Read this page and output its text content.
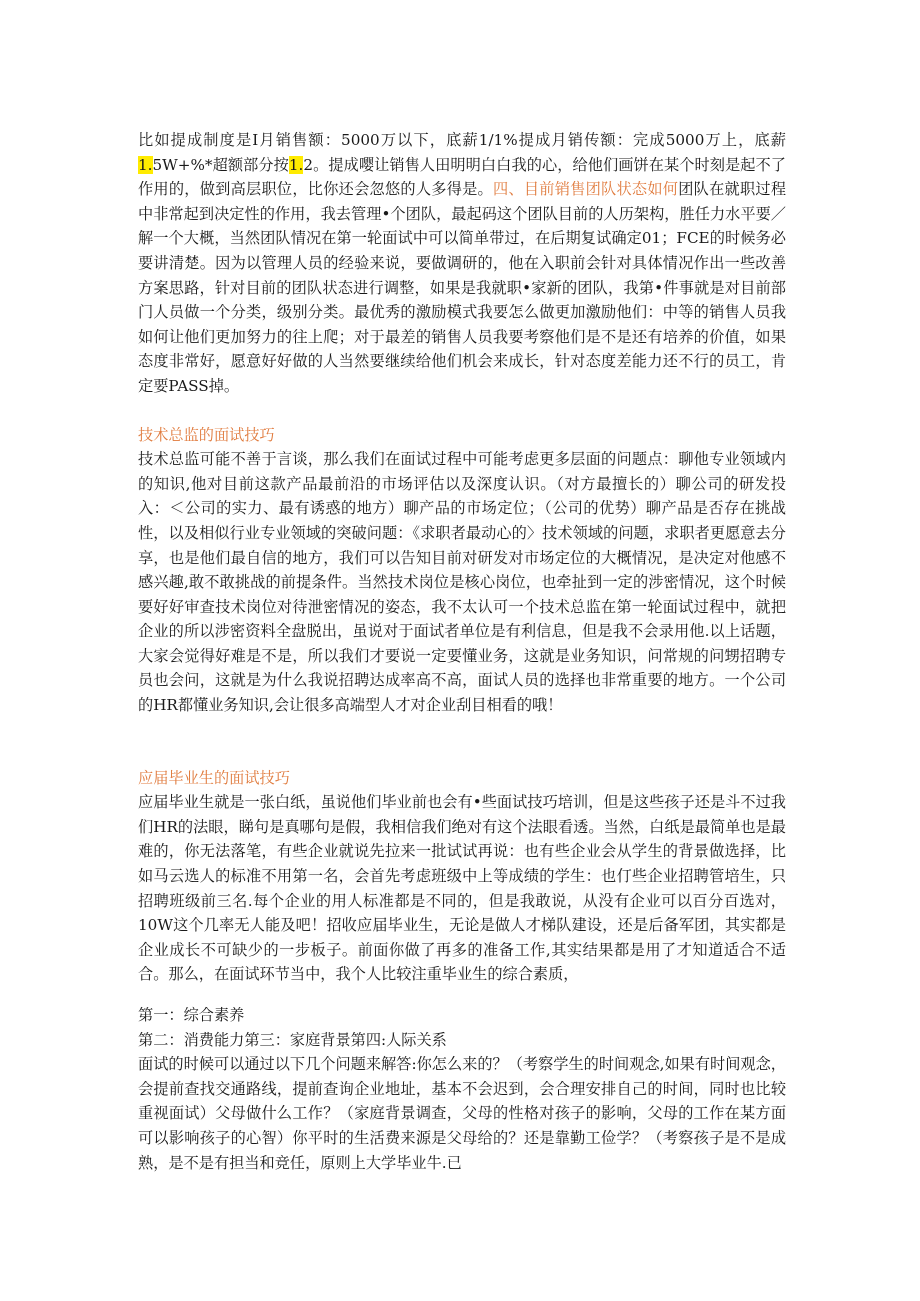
比如提成制度是I月销售额：5000万以下，底薪1/1%提成月销传额：完成5000万上，底薪1.5W+%*超额部分按1.2。提成嘤让销售人田明明白白我的心，给他们画饼在某个时刻是起不了作用的，做到高层职位，比你还会忽悠的人多得是。四、目前销售团队状态如何团队在就职过程中非常起到决定性的作用，我去管理•个团队，最起码这个团队目前的人历架构，胜任力水平要／解一个大概，当然团队情况在第一轮面试中可以简单带过，在后期复试确定01；FCE的时候务必要讲清楚。因为以管理人员的经验来说，要做调研的，他在入职前会针对具体情况作出一些改善方案思路，针对目前的团队状态进行调整，如果是我就职•家新的团队，我第•件事就是对目前部门人员做一个分类，级别分类。最优秀的激励模式我要怎么做更加激励他们：中等的销售人员我如何让他们更加努力的往上爬；对于最差的销售人员我要考察他们是不是还有培养的价值，如果态度非常好，愿意好好做的人当然要继续给他们机会来成长，针对态度差能力还不行的员工，肯定要PASS掉。

技术总监的面试技巧

技术总监可能不善于言谈，那么我们在面试过程中可能考虑更多层面的问题点：聊他专业领域内的知识,他对目前这款产品最前沿的市场评估以及深度认识。（对方最擅长的）聊公司的研发投入：＜公司的实力、最有诱惑的地方）聊产品的市场定位；（公司的优势）聊产品是否存在挑战性，以及相似行业专业领域的突破问题：《求职者最动心的〉技术领域的问题，求职者更愿意去分享，也是他们最自信的地方，我们可以告知目前对研发对市场定位的大概情况，是决定对他感不感兴趣,敢不敢挑战的前提条件。当然技术岗位是核心岗位，也牵扯到一定的涉密情况，这个时候要好好审查技术岗位对待泄密情况的姿态，我不太认可一个技术总监在第一轮面试过程中，就把企业的所以涉密资料全盘脱出，虽说对于面试者单位是有利信息，但是我不会录用他.以上话题，大家会觉得好难是不是，所以我们才要说一定要懂业务，这就是业务知识，问常规的问甥招聘专员也会问，这就是为什么我说招聘达成率高不高，面试人员的选择也非常重要的地方。一个公司的HR都懂业务知识,会让很多高端型人才对企业刮目相看的哦！

应届毕业生的面试技巧

应届毕业生就是一张白纸，虽说他们毕业前也会有•些面试技巧培训，但是这些孩子还是斗不过我们HR的法眼，睇句是真哪句是假，我相信我们绝对有这个法眼看透。当然，白纸是最简单也是最难的，你无法落笔，有些企业就说先拉来一批试试再说：也有些企业会从学生的背景做选择，比如马云选人的标准不用第一名，会首先考虑班级中上等成绩的学生：也仃些企业招聘管培生，只招聘班级前三名.每个企业的用人标准都是不同的，但是我敢说，从没有企业可以百分百选对，10W这个几率无人能及吧！招收应届毕业生，无论是做人才梯队建设，还是后备军团，其实都是企业成长不可缺少的一步板子。前面你做了再多的准备工作,其实结果都是用了才知道适合不适合。那么，在面试环节当中，我个人比较注重毕业生的综合素质，

第一：综合素养

第二：消费能力第三：家庭背景第四:人际关系

面试的时候可以通过以下几个问题来解答:你怎么来的？（考察学生的时间观念,如果有时间观念，会提前查找交通路线，提前查询企业地址，基本不会迟到，会合理安排自己的时间，同时也比较重视面试）父母做什么工作？（家庭背景调查，父母的性格对孩子的影响，父母的工作在某方面可以影响孩子的心智）你平时的生活费来源是父母给的？还是靠勤工俭学？（考察孩子是不是成熟，是不是有担当和竞任，原则上大学毕业牛.已
